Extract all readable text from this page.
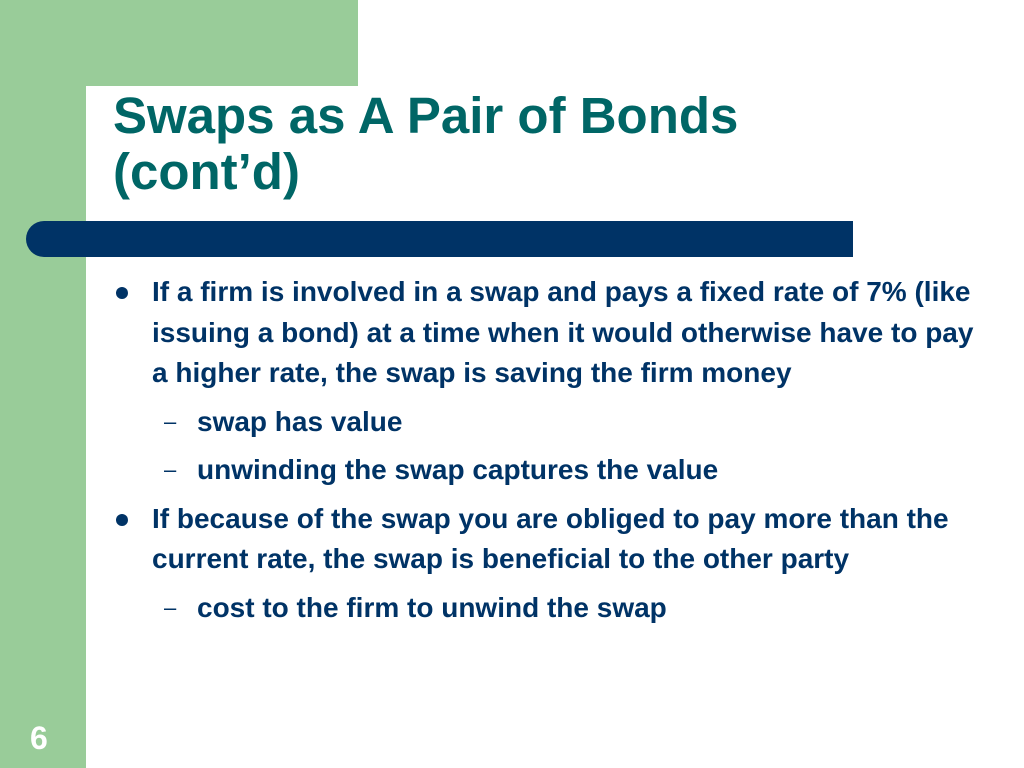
Swaps as A Pair of Bonds
(cont’d)
If a firm is involved in a swap and pays a fixed rate of 7% (like issuing a bond) at a time when it would otherwise have to pay a higher rate, the swap is saving the firm money
– swap has value
– unwinding the swap captures the value
If because of the swap you are obliged to pay more than the current rate, the swap is beneficial to the other party
– cost to the firm to unwind the swap
6
